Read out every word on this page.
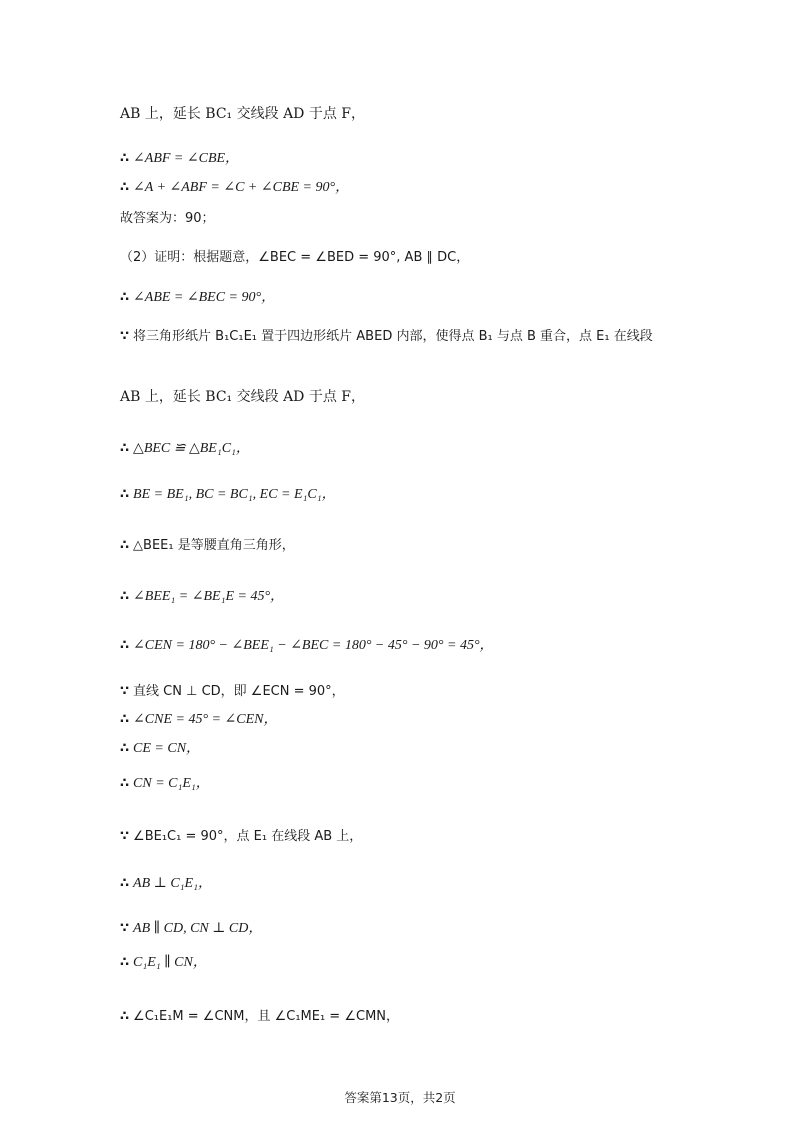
AB 上，延长 BC₁ 交线段 AD 于点 F，
∴ ∠ABF = ∠CBE，
∴ ∠A + ∠ABF = ∠C + ∠CBE = 90°，
故答案为：90；
（2）证明：根据题意，∠BEC = ∠BED = 90°, AB ∥ DC，
∴ ∠ABE = ∠BEC = 90°，
∵ 将三角形纸片 B₁C₁E₁ 置于四边形纸片 ABED 内部，使得点 B₁ 与点 B 重合，点 E₁ 在线段
AB 上，延长 BC₁ 交线段 AD 于点 F，
∴ △BEC ≌ △BE₁C₁，
∴ BE = BE₁, BC = BC₁, EC = E₁C₁，
∴ △BEE₁ 是等腰直角三角形，
∴ ∠BEE₁ = ∠BE₁E = 45°，
∴ ∠CEN = 180° − ∠BEE₁ − ∠BEC = 180° − 45° − 90° = 45°，
∵ 直线 CN ⊥ CD，即 ∠ECN = 90°，
∴ ∠CNE = 45° = ∠CEN，
∴ CE = CN，
∴ CN = C₁E₁，
∵ ∠BE₁C₁ = 90°，点 E₁ 在线段 AB 上，
∴ AB ⊥ C₁E₁，
∵ AB ∥ CD, CN ⊥ CD，
∴ C₁E₁ ∥ CN，
∴ ∠C₁E₁M = ∠CNM，且 ∠C₁ME₁ = ∠CMN，
答案第13页，共2页
